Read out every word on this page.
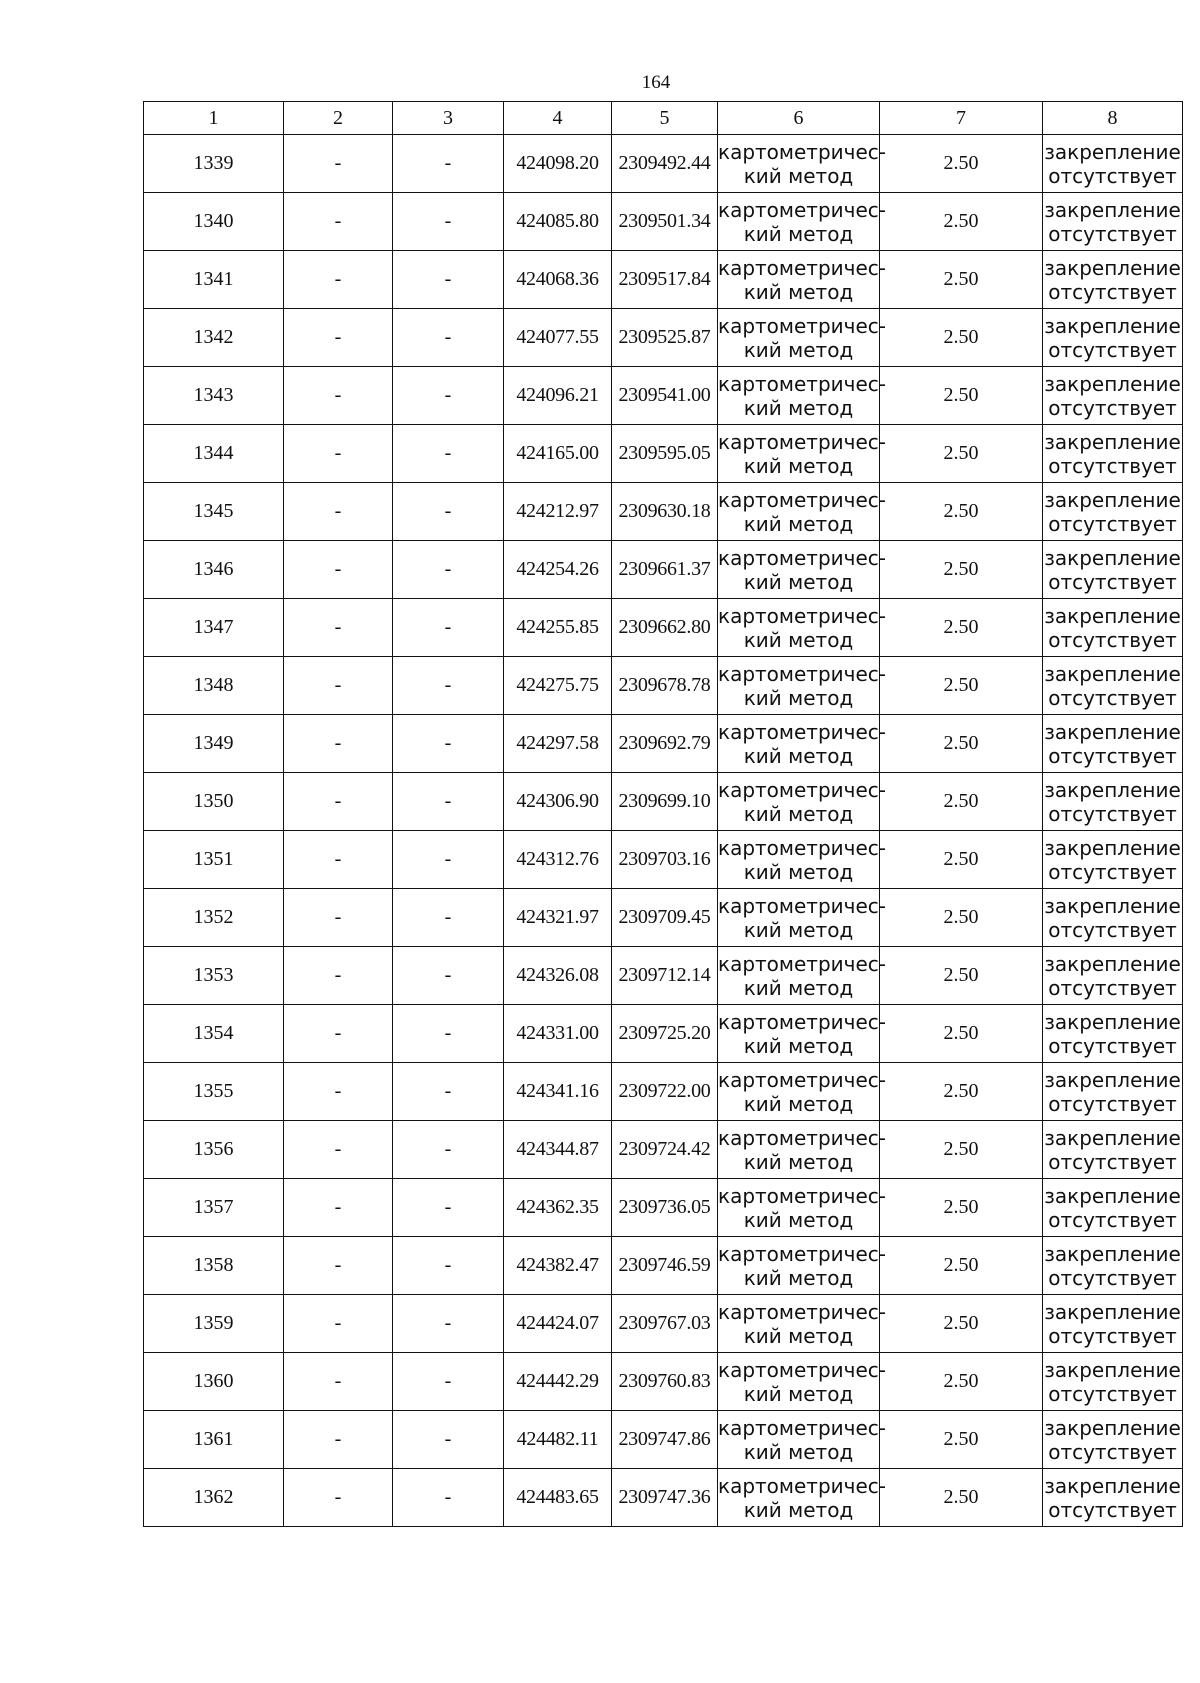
164
1	2	3	4	5	6	7	8
1339	-	-	424098.20	2309492.44	картометричес-
кий метод	2.50	закрепление
отсутствует

1340	-	-	424085.80	2309501.34	картометричес-
кий метод	2.50	закрепление
отсутствует

1341	-	-	424068.36	2309517.84	картометричес-
кий метод	2.50	закрепление
отсутствует

1342	-	-	424077.55	2309525.87	картометричес-
кий метод	2.50	закрепление
отсутствует

1343	-	-	424096.21	2309541.00	картометричес-
кий метод	2.50	закрепление
отсутствует

1344	-	-	424165.00	2309595.05	картометричес-
кий метод	2.50	закрепление
отсутствует

1345	-	-	424212.97	2309630.18	картометричес-
кий метод	2.50	закрепление
отсутствует

1346	-	-	424254.26	2309661.37	картометричес-
кий метод	2.50	закрепление
отсутствует

1347	-	-	424255.85	2309662.80	картометричес-
кий метод	2.50	закрепление
отсутствует

1348	-	-	424275.75	2309678.78	картометричес-
кий метод	2.50	закрепление
отсутствует

1349	-	-	424297.58	2309692.79	картометричес-
кий метод	2.50	закрепление
отсутствует

1350	-	-	424306.90	2309699.10	картометричес-
кий метод	2.50	закрепление
отсутствует

1351	-	-	424312.76	2309703.16	картометричес-
кий метод	2.50	закрепление
отсутствует

1352	-	-	424321.97	2309709.45	картометричес-
кий метод	2.50	закрепление
отсутствует

1353	-	-	424326.08	2309712.14	картометричес-
кий метод	2.50	закрепление
отсутствует

1354	-	-	424331.00	2309725.20	картометричес-
кий метод	2.50	закрепление
отсутствует

1355	-	-	424341.16	2309722.00	картометричес-
кий метод	2.50	закрепление
отсутствует

1356	-	-	424344.87	2309724.42	картометричес-
кий метод	2.50	закрепление
отсутствует

1357	-	-	424362.35	2309736.05	картометричес-
кий метод	2.50	закрепление
отсутствует

1358	-	-	424382.47	2309746.59	картометричес-
кий метод	2.50	закрепление
отсутствует

1359	-	-	424424.07	2309767.03	картометричес-
кий метод	2.50	закрепление
отсутствует

1360	-	-	424442.29	2309760.83	картометричес-
кий метод	2.50	закрепление
отсутствует

1361	-	-	424482.11	2309747.86	картометричес-
кий метод	2.50	закрепление
отсутствует

1362	-	-	424483.65	2309747.36	картометричес-
кий метод	2.50	закрепление
отсутствует
